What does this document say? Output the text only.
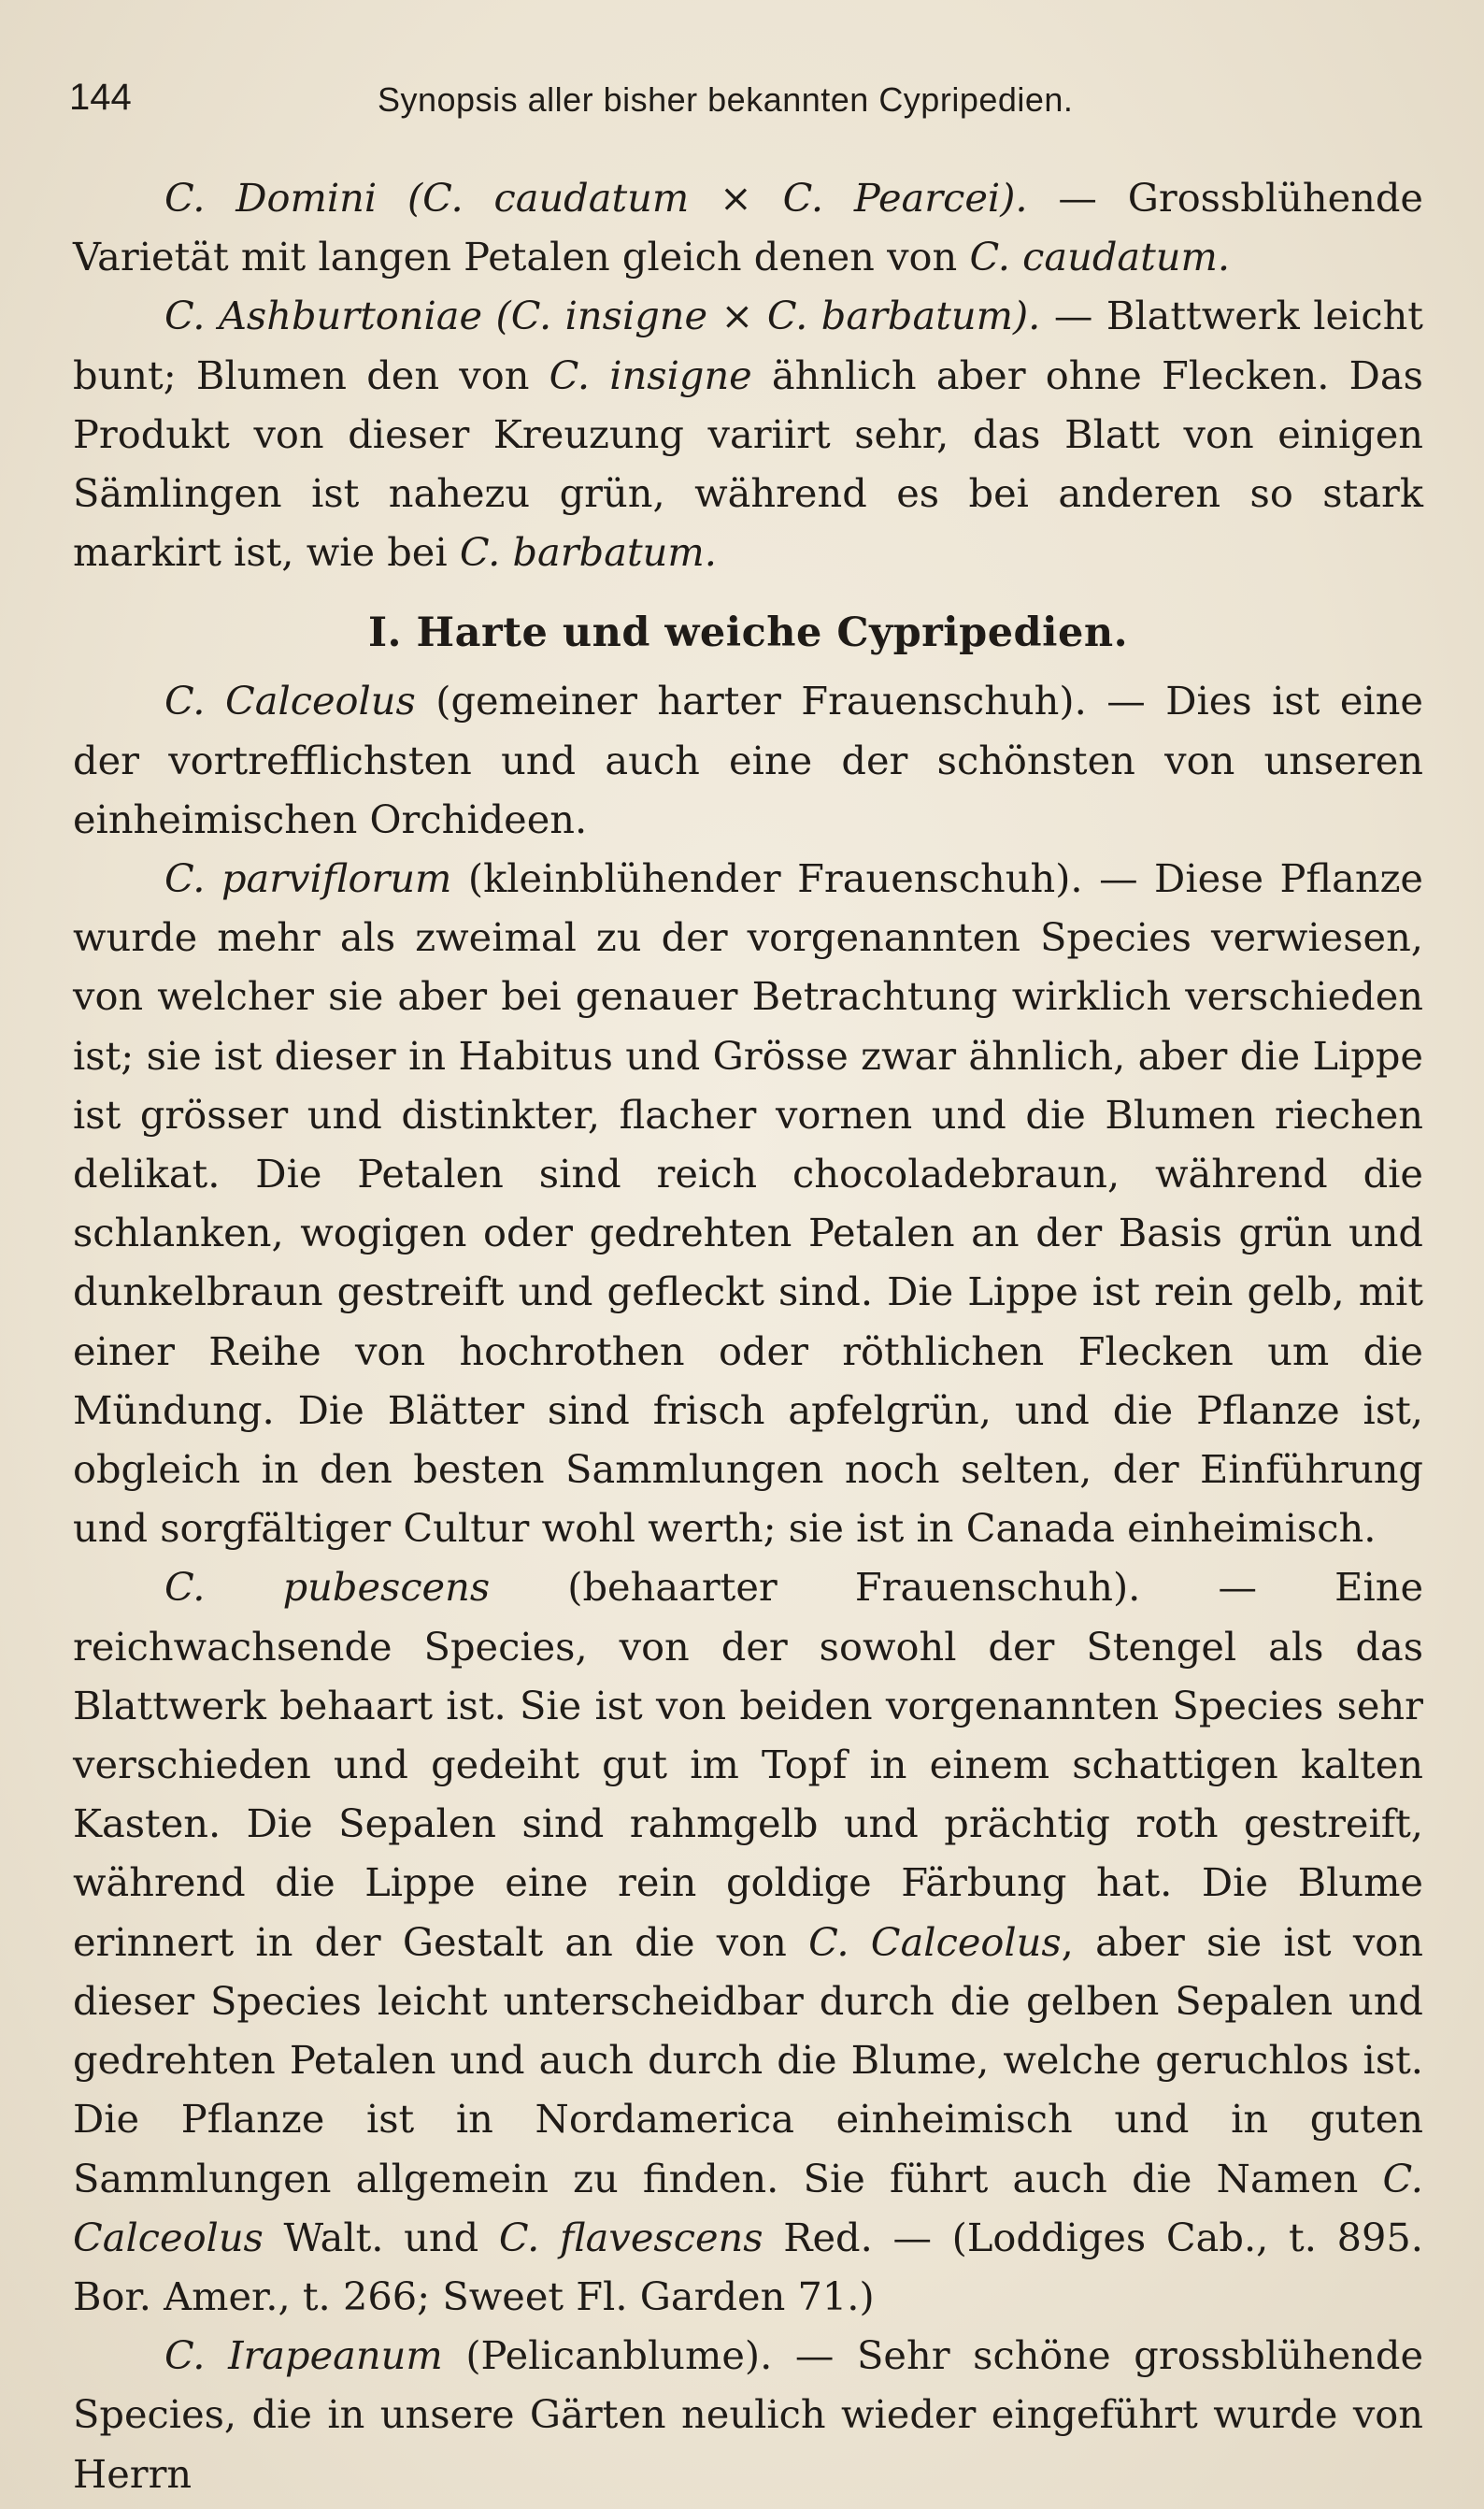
144	Synopsis aller bisher bekannten Cypripedien.

C. Domini (C. caudatum × C. Pearcei). — Grossblühende Varietät mit langen Petalen gleich denen von C. caudatum.

C. Ashburtoniae (C. insigne × C. barbatum). — Blattwerk leicht bunt; Blumen den von C. insigne ähnlich aber ohne Flecken. Das Produkt von dieser Kreuzung variirt sehr, das Blatt von einigen Sämlingen ist nahezu grün, während es bei anderen so stark markirt ist, wie bei C. barbatum.

I. Harte und weiche Cypripedien.

C. Calceolus (gemeiner harter Frauenschuh). — Dies ist eine der vortrefflichsten und auch eine der schönsten von unseren einheimischen Orchideen.

C. parviflorum (kleinblühender Frauenschuh). — Diese Pflanze wurde mehr als zweimal zu der vorgenannten Species verwiesen, von welcher sie aber bei genauer Betrachtung wirklich verschieden ist; sie ist dieser in Habitus und Grösse zwar ähnlich, aber die Lippe ist grösser und distinkter, flacher vornen und die Blumen riechen delikat. Die Petalen sind reich chocoladebraun, während die schlanken, wogigen oder gedrehten Petalen an der Basis grün und dunkelbraun gestreift und gefleckt sind. Die Lippe ist rein gelb, mit einer Reihe von hochrothen oder röthlichen Flecken um die Mündung. Die Blätter sind frisch apfelgrün, und die Pflanze ist, obgleich in den besten Sammlungen noch selten, der Einführung und sorgfältiger Cultur wohl werth; sie ist in Canada einheimisch.

C. pubescens (behaarter Frauenschuh). — Eine reichwachsende Species, von der sowohl der Stengel als das Blattwerk behaart ist. Sie ist von beiden vorgenannten Species sehr verschieden und gedeiht gut im Topf in einem schattigen kalten Kasten. Die Sepalen sind rahmgelb und prächtig roth gestreift, während die Lippe eine rein goldige Färbung hat. Die Blume erinnert in der Gestalt an die von C. Calceolus, aber sie ist von dieser Species leicht unterscheidbar durch die gelben Sepalen und gedrehten Petalen und auch durch die Blume, welche geruchlos ist. Die Pflanze ist in Nordamerica einheimisch und in guten Sammlungen allgemein zu finden. Sie führt auch die Namen C. Calceolus Walt. und C. flavescens Red. — (Loddiges Cab., t. 895. Bor. Amer., t. 266; Sweet Fl. Garden 71.)

C. Irapeanum (Pelicanblume). — Sehr schöne grossblühende Species, die in unsere Gärten neulich wieder eingeführt wurde von Herrn
